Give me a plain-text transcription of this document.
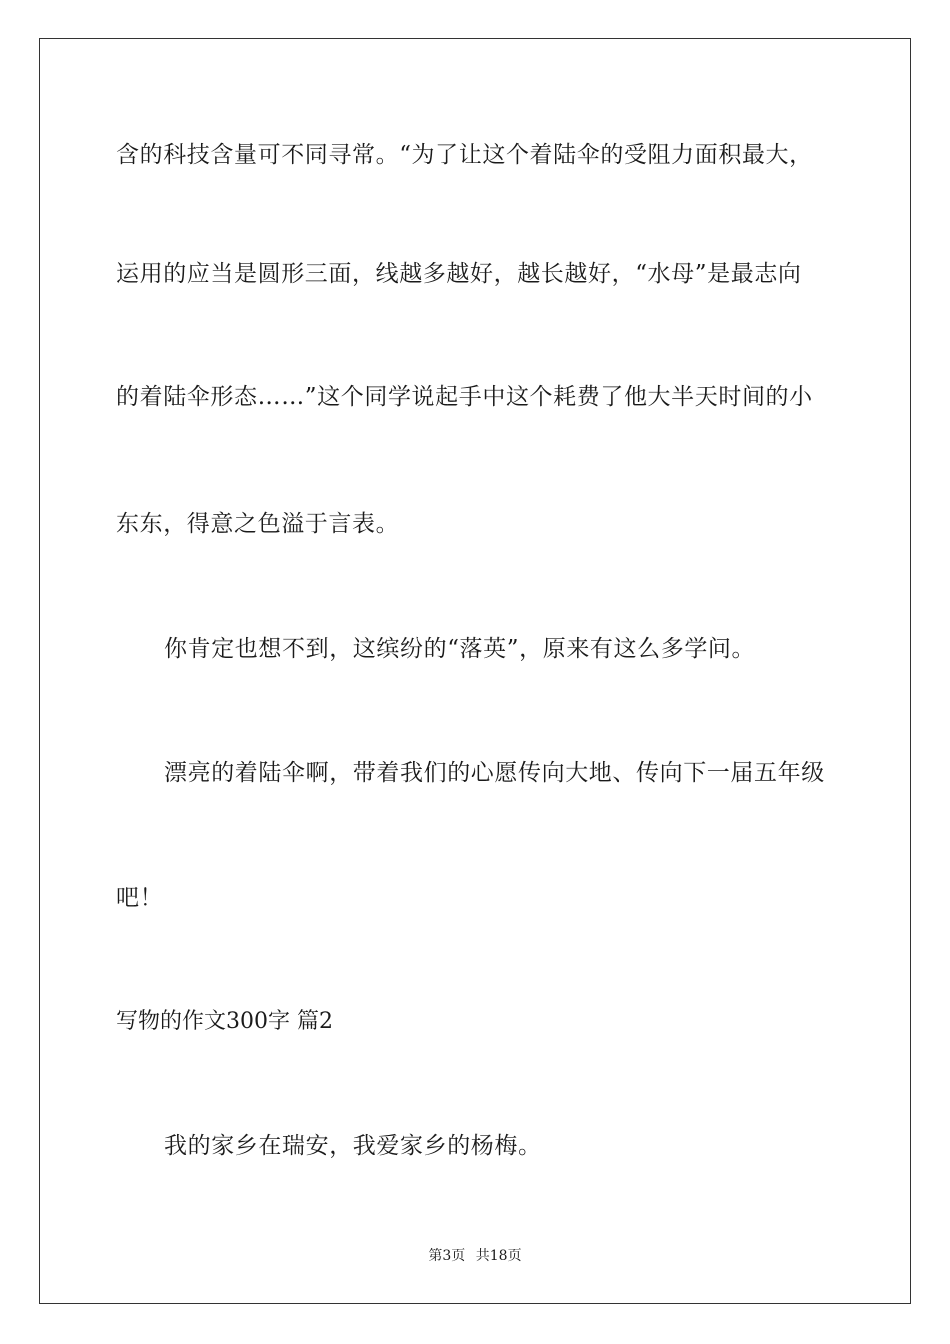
含的科技含量可不同寻常。“为了让这个着陆伞的受阻力面积最大，
运用的应当是圆形三面，线越多越好，越长越好，“水母”是最志向
的着陆伞形态……”这个同学说起手中这个耗费了他大半天时间的小
东东，得意之色溢于言表。
你肯定也想不到，这缤纷的“落英”，原来有这么多学问。
漂亮的着陆伞啊，带着我们的心愿传向大地、传向下一届五年级
吧！
写物的作文300字 篇2
我的家乡在瑞安，我爱家乡的杨梅。
第3页 共18页
